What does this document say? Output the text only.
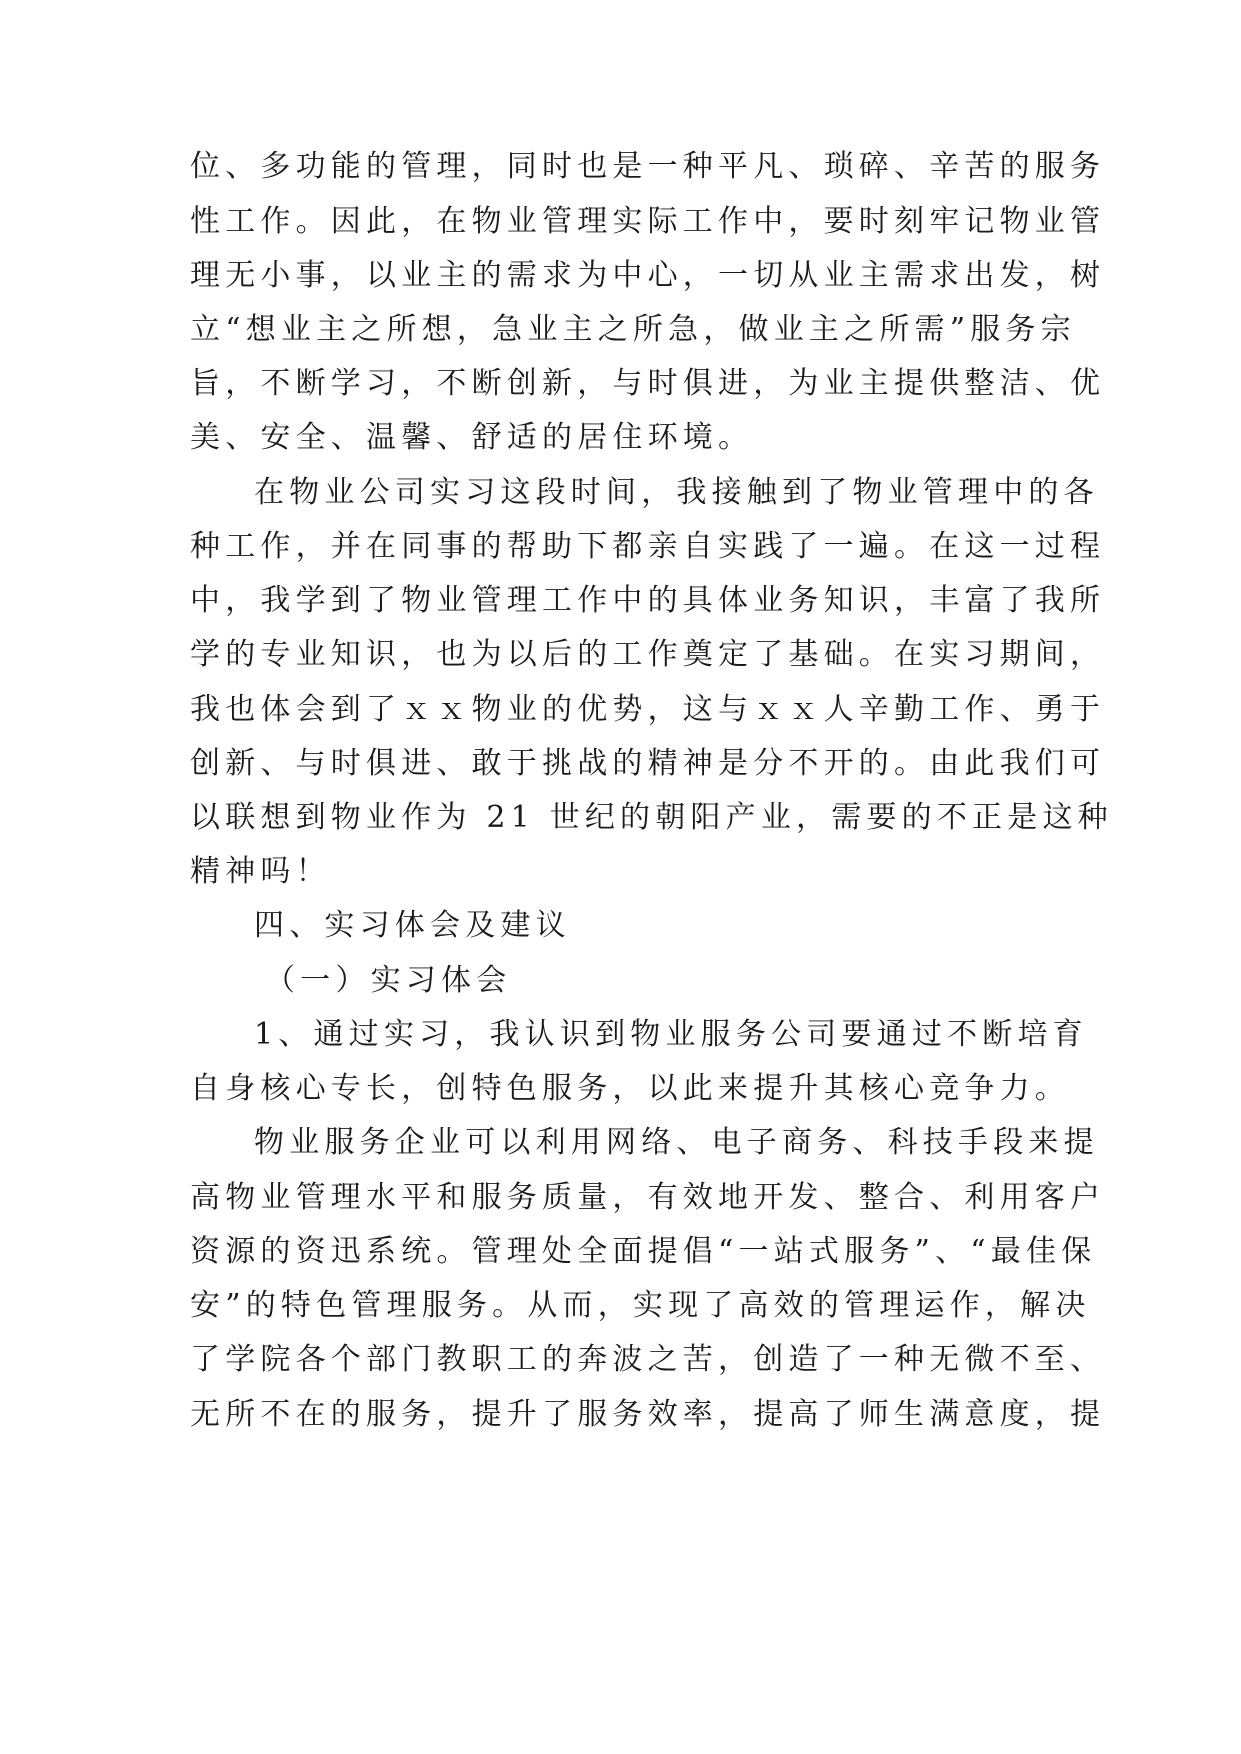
位、多功能的管理，同时也是一种平凡、琐碎、辛苦的服务
性工作。因此，在物业管理实际工作中，要时刻牢记物业管
理无小事，以业主的需求为中心，一切从业主需求出发，树
立“想业主之所想，急业主之所急，做业主之所需”服务宗
旨，不断学习，不断创新，与时俱进，为业主提供整洁、优
美、安全、温馨、舒适的居住环境。
在物业公司实习这段时间，我接触到了物业管理中的各
种工作，并在同事的帮助下都亲自实践了一遍。在这一过程
中，我学到了物业管理工作中的具体业务知识，丰富了我所
学的专业知识，也为以后的工作奠定了基础。在实习期间，
我也体会到了ｘｘ物业的优势，这与ｘｘ人辛勤工作、勇于
创新、与时俱进、敢于挑战的精神是分不开的。由此我们可
以联想到物业作为 21 世纪的朝阳产业，需要的不正是这种
精神吗！
四、实习体会及建议
（一）实习体会
1、通过实习，我认识到物业服务公司要通过不断培育
自身核心专长，创特色服务，以此来提升其核心竞争力。
物业服务企业可以利用网络、电子商务、科技手段来提
高物业管理水平和服务质量，有效地开发、整合、利用客户
资源的资迅系统。管理处全面提倡“一站式服务”、“最佳保
安”的特色管理服务。从而，实现了高效的管理运作，解决
了学院各个部门教职工的奔波之苦，创造了一种无微不至、
无所不在的服务，提升了服务效率，提高了师生满意度，提
